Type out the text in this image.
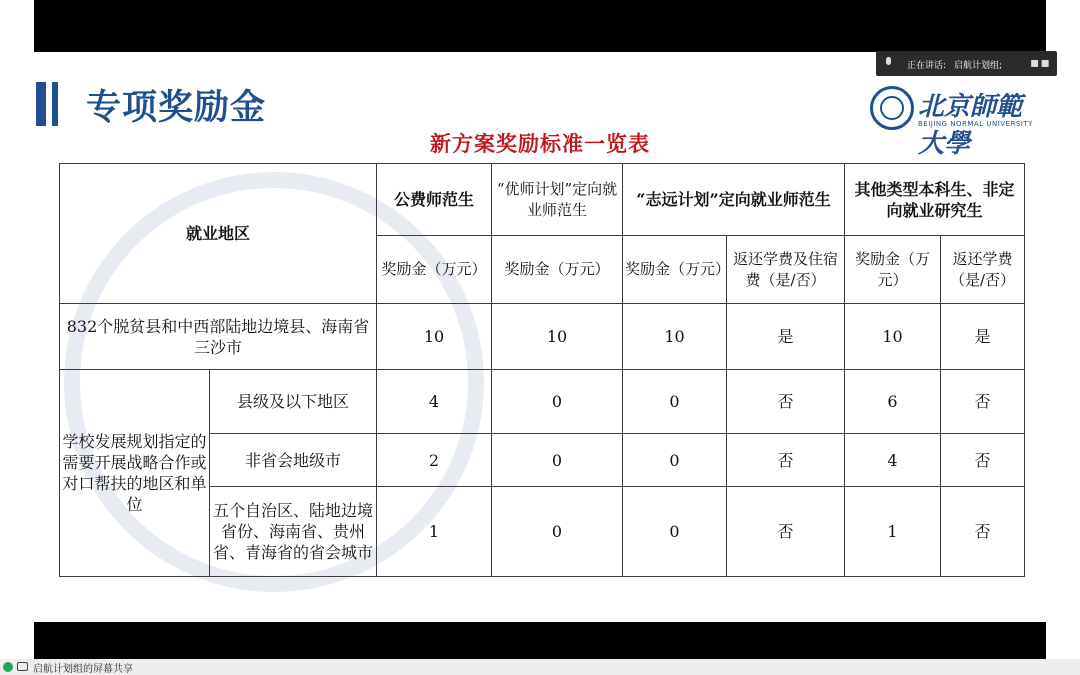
专项奖励金	北京師範大學
BEIJING NORMAL UNIVERSITY
新方案奖励标准一览表
就业地区		公费师范生	“优师计划”定向就业师范生	“志远计划”定向就业师范生		其他类型本科生、非定向就业研究生	
		奖励金（万元）	奖励金（万元）	奖励金（万元）	返还学费及住宿费（是/否）	奖励金（万元）	返还学费（是/否）
832个脱贫县和中西部陆地边境县、海南省三沙市		10	10	10	是	10	是
学校发展规划指定的需要开展战略合作或对口帮扶的地区和单位	县级及以下地区	4	0	0	否	6	否
	非省会地级市	2	0	0	否	4	否
	五个自治区、陆地边境省份、海南省、贵州省、青海省的省会城市	1	0	0	否	1	否
正在讲话: 启航计划组; ▪▪
启航计划组的屏幕共享
